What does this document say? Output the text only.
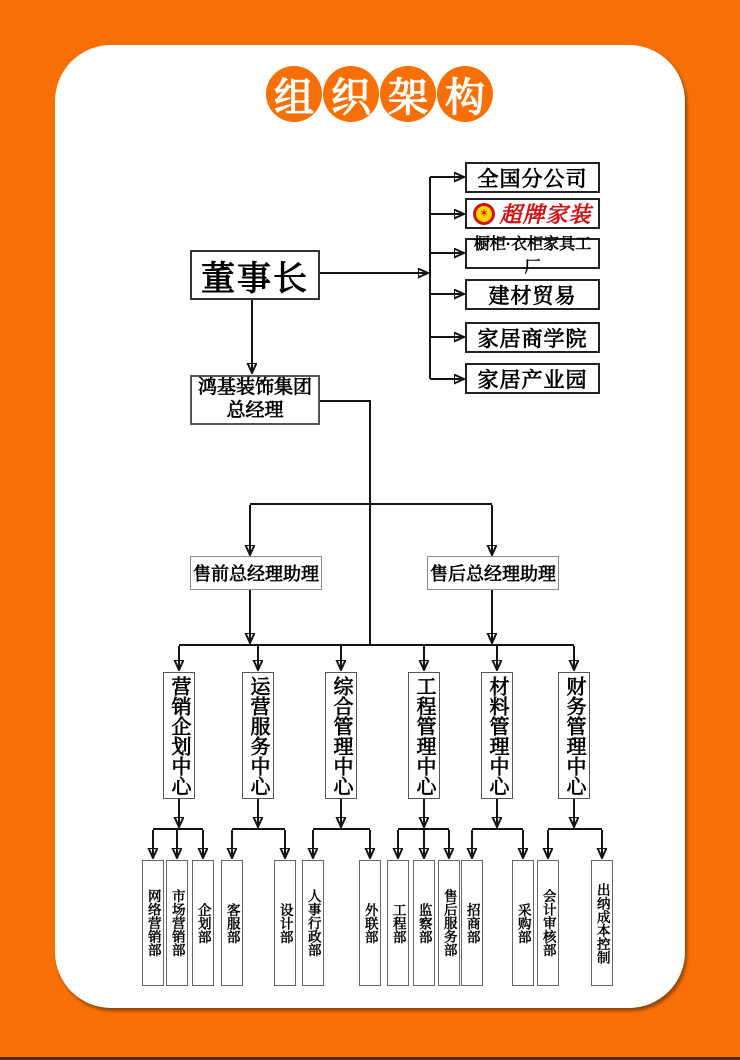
组 织 架 构
董事长
鸿基装饰集团
总经理
全国分公司
✶ 超牌家装
橱柜·衣柜家具工厂
建材贸易
家居商学院
家居产业园
售前总经理助理	售后总经理助理
营销企划中心	运营服务中心	综合管理中心	工程管理中心	材料管理中心	财务管理中心
网络营销部 市场营销部 企划部 客服部	设计部 人事行政部	外联部 工程部 监察部 售后服务部 招商部	采购部 会计审核部	出纳成本控制
